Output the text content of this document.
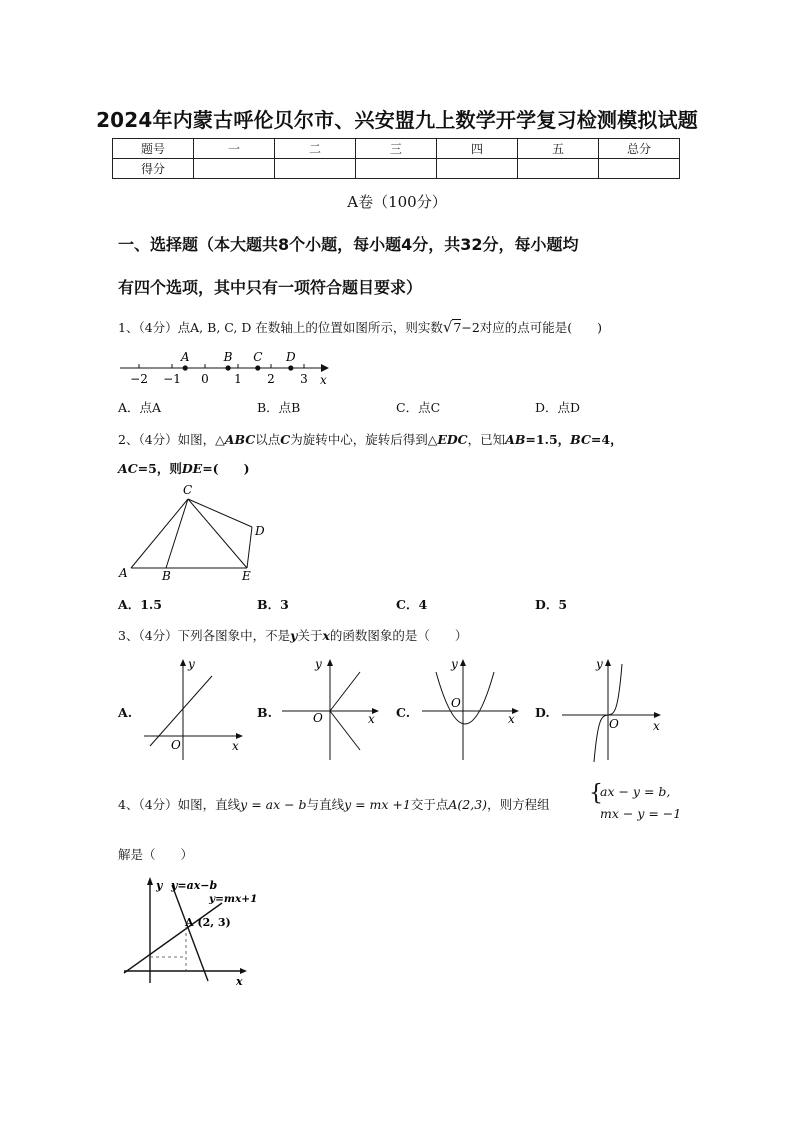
2024年内蒙古呼伦贝尔市、兴安盟九上数学开学复习检测模拟试题
题号	一	二	三	四	五	总分
得分						
A卷（100分）
一、选择题（本大题共8个小题，每小题4分，共32分，每小题均
有四个选项，其中只有一项符合题目要求）
1、（4分）点A, B, C, D 在数轴上的位置如图所示，则实数√7−2对应的点可能是(　　)
−2 −1 0 1 2 3
A	B C D
x
A．点A	B．点B	C．点C	D．点D
2、（4分）如图，△ABC以点C为旋转中心，旋转后得到△EDC，已知AB=1.5，BC=4，
AC=5，则DE=(　　)
C
D
A	B	E
A．1.5	B．3	C．4	D．5
3、（4分）下列各图象中，不是y关于x的函数图象的是（　　）
A.
y
x
O
B.
y
x
O	C.
y
x
O
D.
y
x
O
4、（4分）如图，直线y = ax − b与直线y = mx +1交于点A(2,3)，则方程组 {
ax − y = b,
mx − y = −1
解是（　　）
y y=ax−b
y=mx+1
A (2, 3)
x
